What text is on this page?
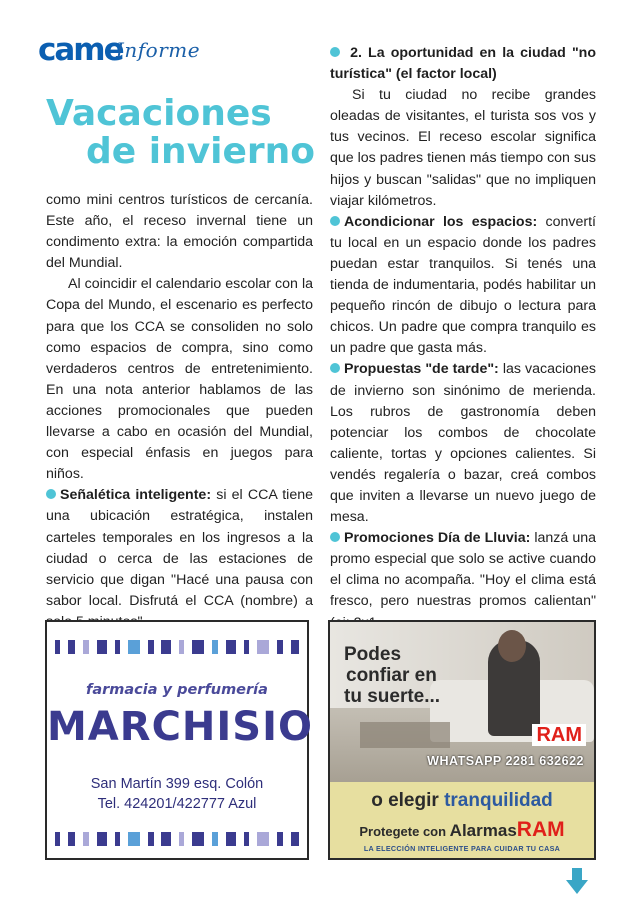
came
Informe
Vacaciones
de invierno

como mini centros turísticos de cercanía. Este año, el receso invernal tiene un condimento extra: la emoción compartida del Mundial.

Al coincidir el calendario escolar con la Copa del Mundo, el escenario es perfecto para que los CCA se consoliden no solo como espacios de compra, sino como verdaderos centros de entretenimiento. En una nota anterior hablamos de las acciones promocionales que pueden llevarse a cabo en ocasión del Mundial, con especial énfasis en juegos para niños.

Señalética inteligente: si el CCA tiene una ubicación estratégica, instalen carteles temporales en los ingresos a la ciudad o cerca de las estaciones de servicio que digan "Hacé una pausa con sabor local. Disfrutá el CCA (nombre) a

2. La oportunidad en la ciudad "no turística" (el factor local)

Si tu ciudad no recibe grandes oleadas de visitantes, el turista sos vos y tus vecinos. El receso escolar significa que los padres tienen más tiempo con sus hijos y buscan "salidas" que no impliquen viajar kilómetros.

Acondicionar los espacios: convertí tu local en un espacio donde los padres puedan estar tranquilos. Si tenés una tienda de indumentaria, podés habilitar un pequeño rincón de dibujo o lectura para chicos. Un padre que compra tranquilo es un padre que gasta más.

Propuestas "de tarde": las vacaciones de invierno son sinónimo de merienda. Los rubros de gastronomía deben potenciar los combos de chocolate caliente, tortas y opciones calientes. Si vendés regalería o bazar, creá combos que inviten a llevarse un nuevo juego de mesa.

Promociones Día de Lluvia: lanzá una promo especial que solo se active cuando el clima no acompaña. "Hoy el clima está fresco, pero nuestras promos calientan"

farmacia y perfumería
MARCHISIO
San Martín 399 esq. Colón
Tel. 424201/422777 Azul
Podes
confiar en
tu suerte...
RAM
WHATSAPP 2281 632622
o elegir tranquilidad
Protegete con AlarmasRAM
LA ELECCIÓN INTELIGENTE PARA CUIDAR TU CASA
